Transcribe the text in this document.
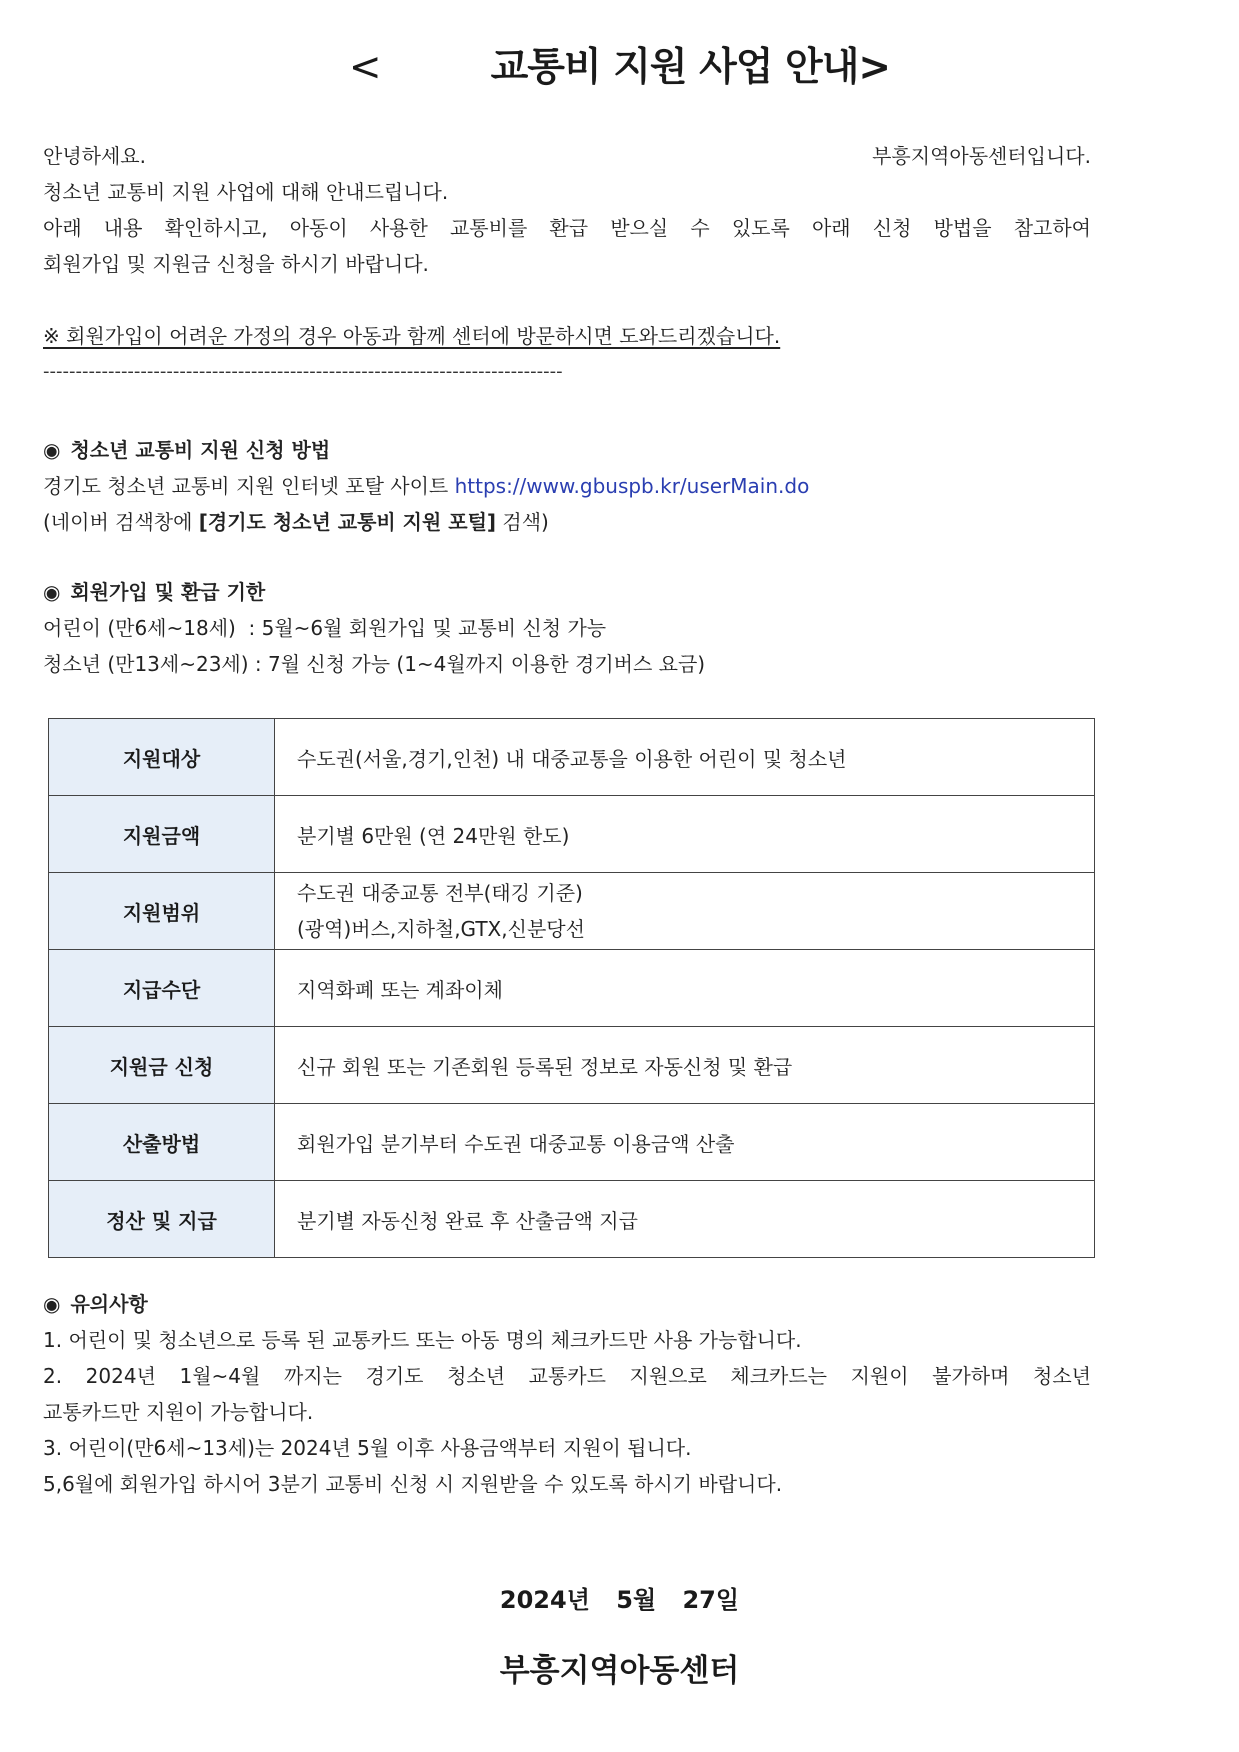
<	교통비 지원 사업 안내>
안녕하세요. 부흥지역아동센터입니다.
청소년 교통비 지원 사업에 대해 안내드립니다.
아래 내용 확인하시고, 아동이 사용한 교통비를 환급 받으실 수 있도록 아래 신청 방법을 참고하여
회원가입 및 지원금 신청을 하시기 바랍니다.
※ 회원가입이 어려운 가정의 경우 아동과 함께 센터에 방문하시면 도와드리겠습니다.
--------------------------------------------------------------------------------
◉ 청소년 교통비 지원 신청 방법
경기도 청소년 교통비 지원 인터넷 포탈 사이트 https://www.gbuspb.kr/userMain.do
(네이버 검색창에 [경기도 청소년 교통비 지원 포털] 검색)
◉ 회원가입 및 환급 기한
어린이 (만6세~18세)  : 5월~6월 회원가입 및 교통비 신청 가능
청소년 (만13세~23세) : 7월 신청 가능 (1~4월까지 이용한 경기버스 요금)
지원대상	수도권(서울,경기,인천) 내 대중교통을 이용한 어린이 및 청소년
지원금액	분기별 6만원 (연 24만원 한도)
지원범위	수도권 대중교통 전부(태깅 기준)
(광역)버스,지하철,GTX,신분당선

지급수단	지역화폐 또는 계좌이체
지원금 신청	신규 회원 또는 기존회원 등록된 정보로 자동신청 및 환급
산출방법	회원가입 분기부터 수도권 대중교통 이용금액 산출
정산 및 지급	분기별 자동신청 완료 후 산출금액 지급
◉ 유의사항
1. 어린이 및 청소년으로 등록 된 교통카드 또는 아동 명의 체크카드만 사용 가능합니다.
2. 2024년 1월~4월 까지는 경기도 청소년 교통카드 지원으로 체크카드는 지원이 불가하며 청소년
교통카드만 지원이 가능합니다.
3. 어린이(만6세~13세)는 2024년 5월 이후 사용금액부터 지원이 됩니다.
5,6월에 회원가입 하시어 3분기 교통비 신청 시 지원받을 수 있도록 하시기 바랍니다.
2024년 5월 27일
부흥지역아동센터
